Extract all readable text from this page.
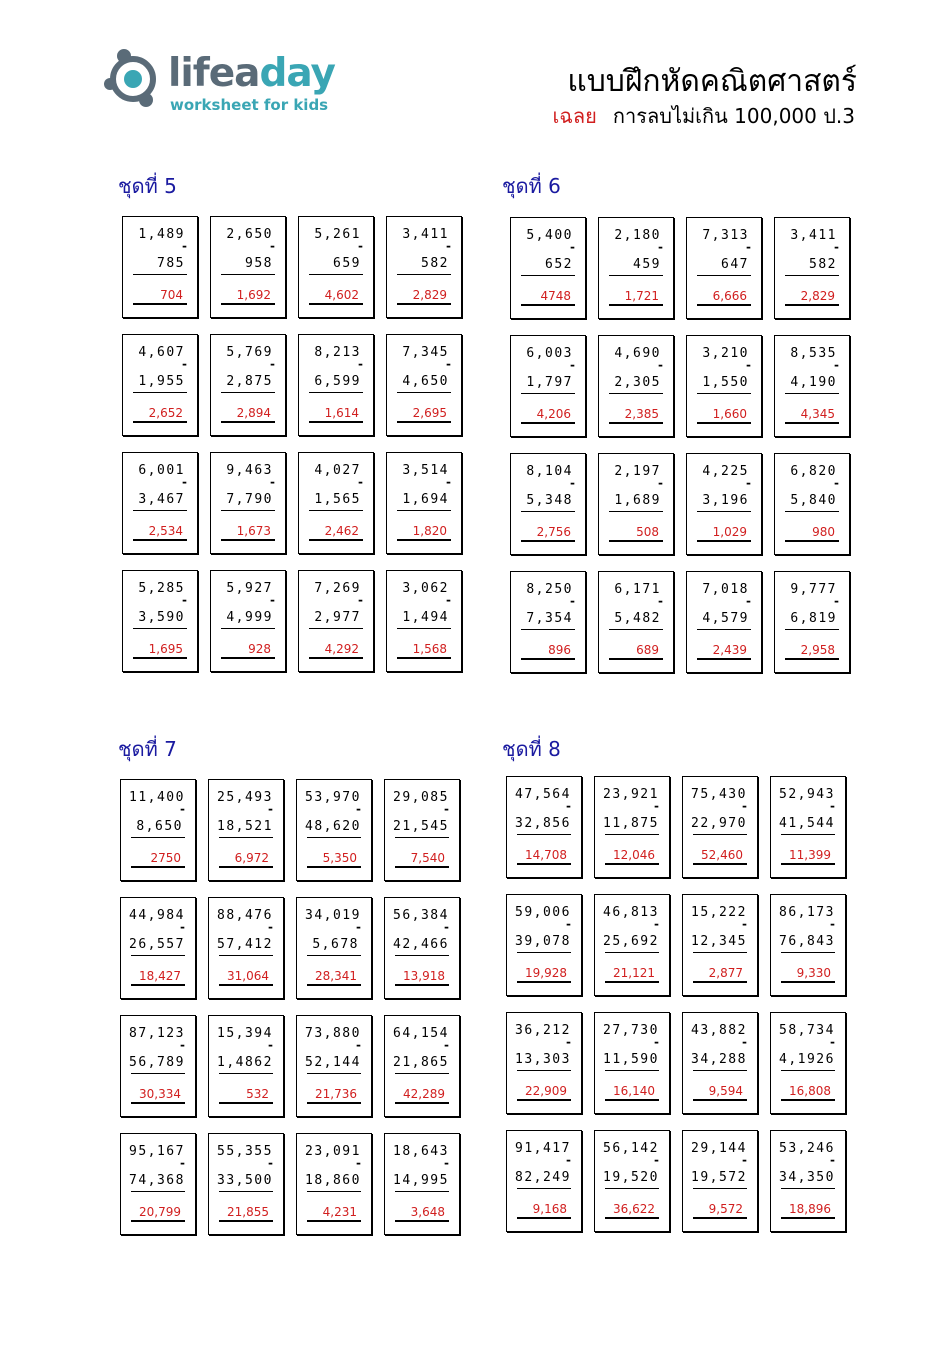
lifeaday
worksheet for kids
แบบฝึกหัดคณิตศาสตร์
เฉลย การลบไม่เกิน 100,000 ป.3
ชุดที่ 5
1,489
-
785
704
2,650
-
958
1,692
5,261
-
659
4,602
3,411
-
582
2,829
4,607
-
1,955
2,652
5,769
-
2,875
2,894
8,213
-
6,599
1,614
7,345
-
4,650
2,695
6,001
-
3,467
2,534
9,463
-
7,790
1,673
4,027
-
1,565
2,462
3,514
-
1,694
1,820
5,285
-
3,590
1,695
5,927
-
4,999
928
7,269
-
2,977
4,292
3,062
-
1,494
1,568
ชุดที่ 6
5,400
-
652
4748
2,180
-
459
1,721
7,313
-
647
6,666
3,411
-
582
2,829
6,003
-
1,797
4,206
4,690
-
2,305
2,385
3,210
-
1,550
1,660
8,535
-
4,190
4,345
8,104
-
5,348
2,756
2,197
-
1,689
508
4,225
-
3,196
1,029
6,820
-
5,840
980
8,250
-
7,354
896
6,171
-
5,482
689
7,018
-
4,579
2,439
9,777
-
6,819
2,958
ชุดที่ 7
11,400
-
8,650
2750
25,493
-
18,521
6,972
53,970
-
48,620
5,350
29,085
-
21,545
7,540
44,984
-
26,557
18,427
88,476
-
57,412
31,064
34,019
-
5,678
28,341
56,384
-
42,466
13,918
87,123
-
56,789
30,334
15,394
-
1,4862
532
73,880
-
52,144
21,736
64,154
-
21,865
42,289
95,167
-
74,368
20,799
55,355
-
33,500
21,855
23,091
-
18,860
4,231
18,643
-
14,995
3,648
ชุดที่ 8
47,564
-
32,856
14,708
23,921
-
11,875
12,046
75,430
-
22,970
52,460
52,943
-
41,544
11,399
59,006
-
39,078
19,928
46,813
-
25,692
21,121
15,222
-
12,345
2,877
86,173
-
76,843
9,330
36,212
-
13,303
22,909
27,730
-
11,590
16,140
43,882
-
34,288
9,594
58,734
-
4,1926
16,808
91,417
-
82,249
9,168
56,142
-
19,520
36,622
29,144
-
19,572
9,572
53,246
-
34,350
18,896
